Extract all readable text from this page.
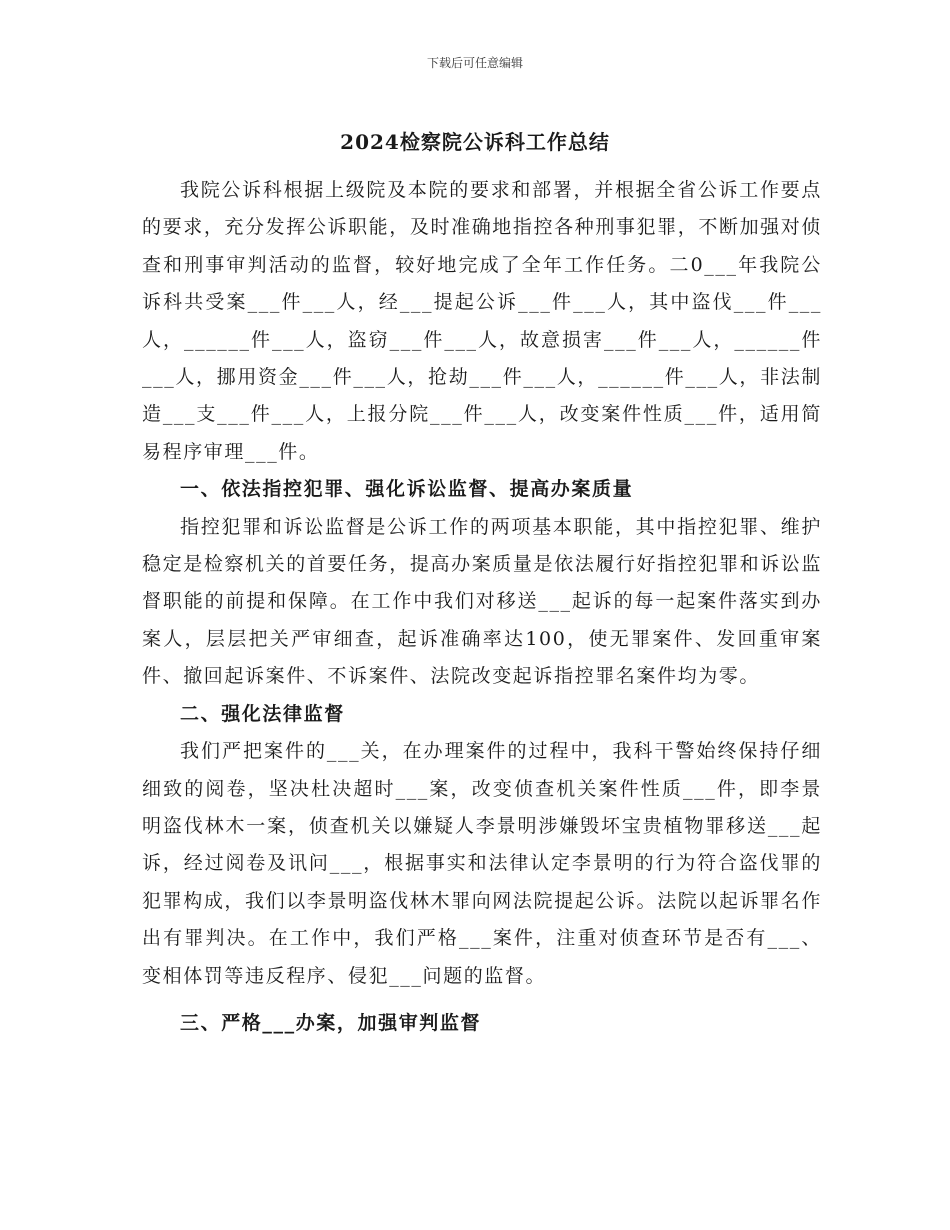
下载后可任意编辑
2024检察院公诉科工作总结

我院公诉科根据上级院及本院的要求和部署，并根据全省公诉工作要点的要求，充分发挥公诉职能，及时准确地指控各种刑事犯罪，不断加强对侦查和刑事审判活动的监督，较好地完成了全年工作任务。二0___年我院公诉科共受案___件___人，经___提起公诉___件___人，其中盗伐___件___人，______件___人，盗窃___件___人，故意损害___件___人，______件___人，挪用资金___件___人，抢劫___件___人，______件___人，非法制造___支___件___人，上报分院___件___人，改变案件性质___件，适用简易程序审理___件。

一、依法指控犯罪、强化诉讼监督、提高办案质量

指控犯罪和诉讼监督是公诉工作的两项基本职能，其中指控犯罪、维护稳定是检察机关的首要任务，提高办案质量是依法履行好指控犯罪和诉讼监督职能的前提和保障。在工作中我们对移送___起诉的每一起案件落实到办案人，层层把关严审细查，起诉准确率达100，使无罪案件、发回重审案件、撤回起诉案件、不诉案件、法院改变起诉指控罪名案件均为零。

二、强化法律监督

我们严把案件的___关，在办理案件的过程中，我科干警始终保持仔细细致的阅卷，坚决杜决超时___案，改变侦查机关案件性质___件，即李景明盗伐林木一案，侦查机关以嫌疑人李景明涉嫌毁坏宝贵植物罪移送___起诉，经过阅卷及讯问___，根据事实和法律认定李景明的行为符合盗伐罪的犯罪构成，我们以李景明盗伐林木罪向网法院提起公诉。法院以起诉罪名作出有罪判决。在工作中，我们严格___案件，注重对侦查环节是否有___、变相体罚等违反程序、侵犯___问题的监督。

三、严格___办案，加强审判监督
